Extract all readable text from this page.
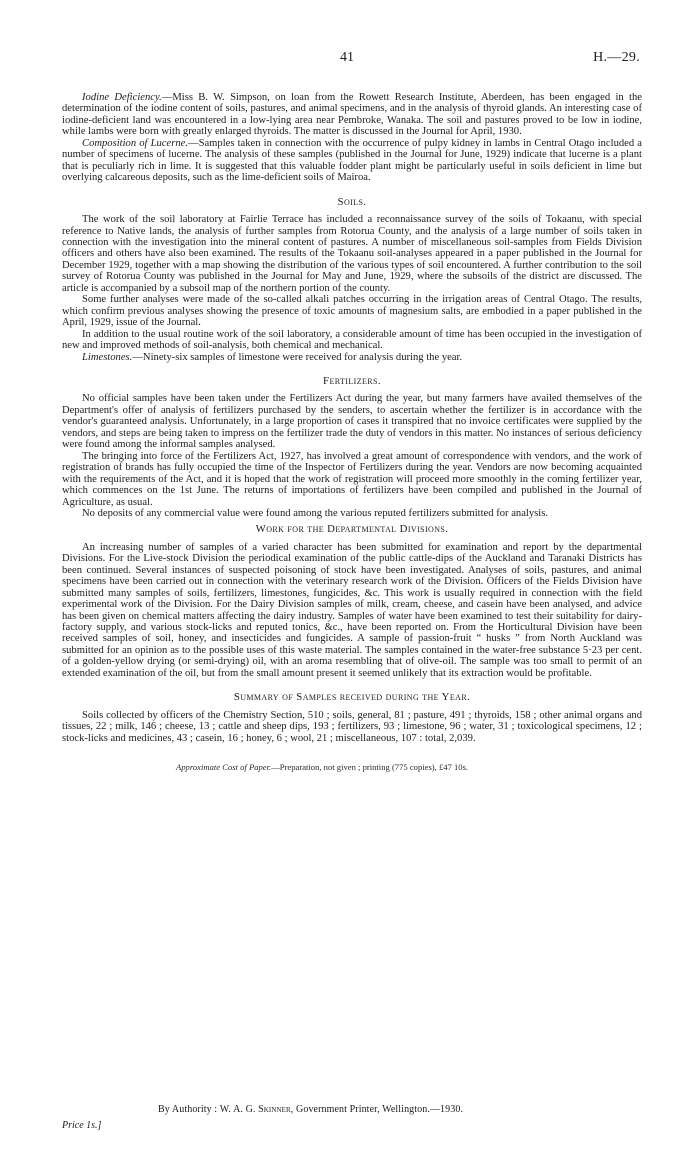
41	H.—29.

Iodine Deficiency.—Miss B. W. Simpson, on loan from the Rowett Research Institute, Aberdeen, has been engaged in the determination of the iodine content of soils, pastures, and animal specimens, and in the analysis of thyroid glands. An interesting case of iodine-deficient land was encountered in a low-lying area near Pembroke, Wanaka. The soil and pastures proved to be low in iodine, while lambs were born with greatly enlarged thyroids. The matter is discussed in the Journal for April, 1930.

Composition of Lucerne.—Samples taken in connection with the occurrence of pulpy kidney in lambs in Central Otago included a number of specimens of lucerne. The analysis of these samples (published in the Journal for June, 1929) indicate that lucerne is a plant that is peculiarly rich in lime. It is suggested that this valuable fodder plant might be particularly useful in soils deficient in lime but overlying calcareous deposits, such as the lime-deficient soils of Mairoa.

Soils.

The work of the soil laboratory at Fairlie Terrace has included a reconnaissance survey of the soils of Tokaanu, with special reference to Native lands, the analysis of further samples from Rotorua County, and the analysis of a large number of soils taken in connection with the investigation into the mineral content of pastures. A number of miscellaneous soil-samples from Fields Division officers and others have also been examined. The results of the Tokaanu soil-analyses appeared in a paper published in the Journal for December 1929, together with a map showing the distribution of the various types of soil encountered. A further contribution to the soil survey of Rotorua County was published in the Journal for May and June, 1929, where the subsoils of the district are discussed. The article is accompanied by a subsoil map of the northern portion of the county.

Some further analyses were made of the so-called alkali patches occurring in the irrigation areas of Central Otago. The results, which confirm previous analyses showing the presence of toxic amounts of magnesium salts, are embodied in a paper published in the April, 1929, issue of the Journal.

In addition to the usual routine work of the soil laboratory, a considerable amount of time has been occupied in the investigation of new and improved methods of soil-analysis, both chemical and mechanical.

Limestones.—Ninety-six samples of limestone were received for analysis during the year.

Fertilizers.

No official samples have been taken under the Fertilizers Act during the year, but many farmers have availed themselves of the Department's offer of analysis of fertilizers purchased by the senders, to ascertain whether the fertilizer is in accordance with the vendor's guaranteed analysis. Unfortunately, in a large proportion of cases it transpired that no invoice certificates were supplied by the vendors, and steps are being taken to impress on the fertilizer trade the duty of vendors in this matter. No instances of serious deficiency were found among the informal samples analysed.

The bringing into force of the Fertilizers Act, 1927, has involved a great amount of correspondence with vendors, and the work of registration of brands has fully occupied the time of the Inspector of Fertilizers during the year. Vendors are now becoming acquainted with the requirements of the Act, and it is hoped that the work of registration will proceed more smoothly in the coming fertilizer year, which commences on the 1st June. The returns of importations of fertilizers have been compiled and published in the Journal of Agriculture, as usual.

No deposits of any commercial value were found among the various reputed fertilizers submitted for analysis.

Work for the Departmental Divisions.

An increasing number of samples of a varied character has been submitted for examination and report by the departmental Divisions. For the Live-stock Division the periodical examination of the public cattle-dips of the Auckland and Taranaki Districts has been continued. Several instances of suspected poisoning of stock have been investigated. Analyses of soils, pastures, and animal specimens have been carried out in connection with the veterinary research work of the Division. Officers of the Fields Division have submitted many samples of soils, fertilizers, limestones, fungicides, &c. This work is usually required in connection with the field experimental work of the Division. For the Dairy Division samples of milk, cream, cheese, and casein have been analysed, and advice has been given on chemical matters affecting the dairy industry. Samples of water have been examined to test their suitability for dairy-factory supply, and various stock-licks and reputed tonics, &c., have been reported on. From the Horticultural Division have been received samples of soil, honey, and insecticides and fungicides. A sample of passion-fruit “ husks ” from North Auckland was submitted for an opinion as to the possible uses of this waste material. The samples contained in the water-free substance 5·23 per cent. of a golden-yellow drying (or semi-drying) oil, with an aroma resembling that of olive-oil. The sample was too small to permit of an extended examination of the oil, but from the small amount present it seemed unlikely that its extraction would be profitable.

Summary of Samples received during the Year.

Soils collected by officers of the Chemistry Section, 510 ; soils, general, 81 ; pasture, 491 ; thyroids, 158 ; other animal organs and tissues, 22 ; milk, 146 ; cheese, 13 ; cattle and sheep dips, 193 ; fertilizers, 93 ; limestone, 96 ; water, 31 ; toxicological specimens, 12 ; stock-licks and medicines, 43 ; casein, 16 ; honey, 6 ; wool, 21 ; miscellaneous, 107 : total, 2,039.

Approximate Cost of Paper.—Preparation, not given ; printing (775 copies), £47 10s.

By Authority : W. A. G. Skinner, Government Printer, Wellington.—1930.
Price 1s.]
